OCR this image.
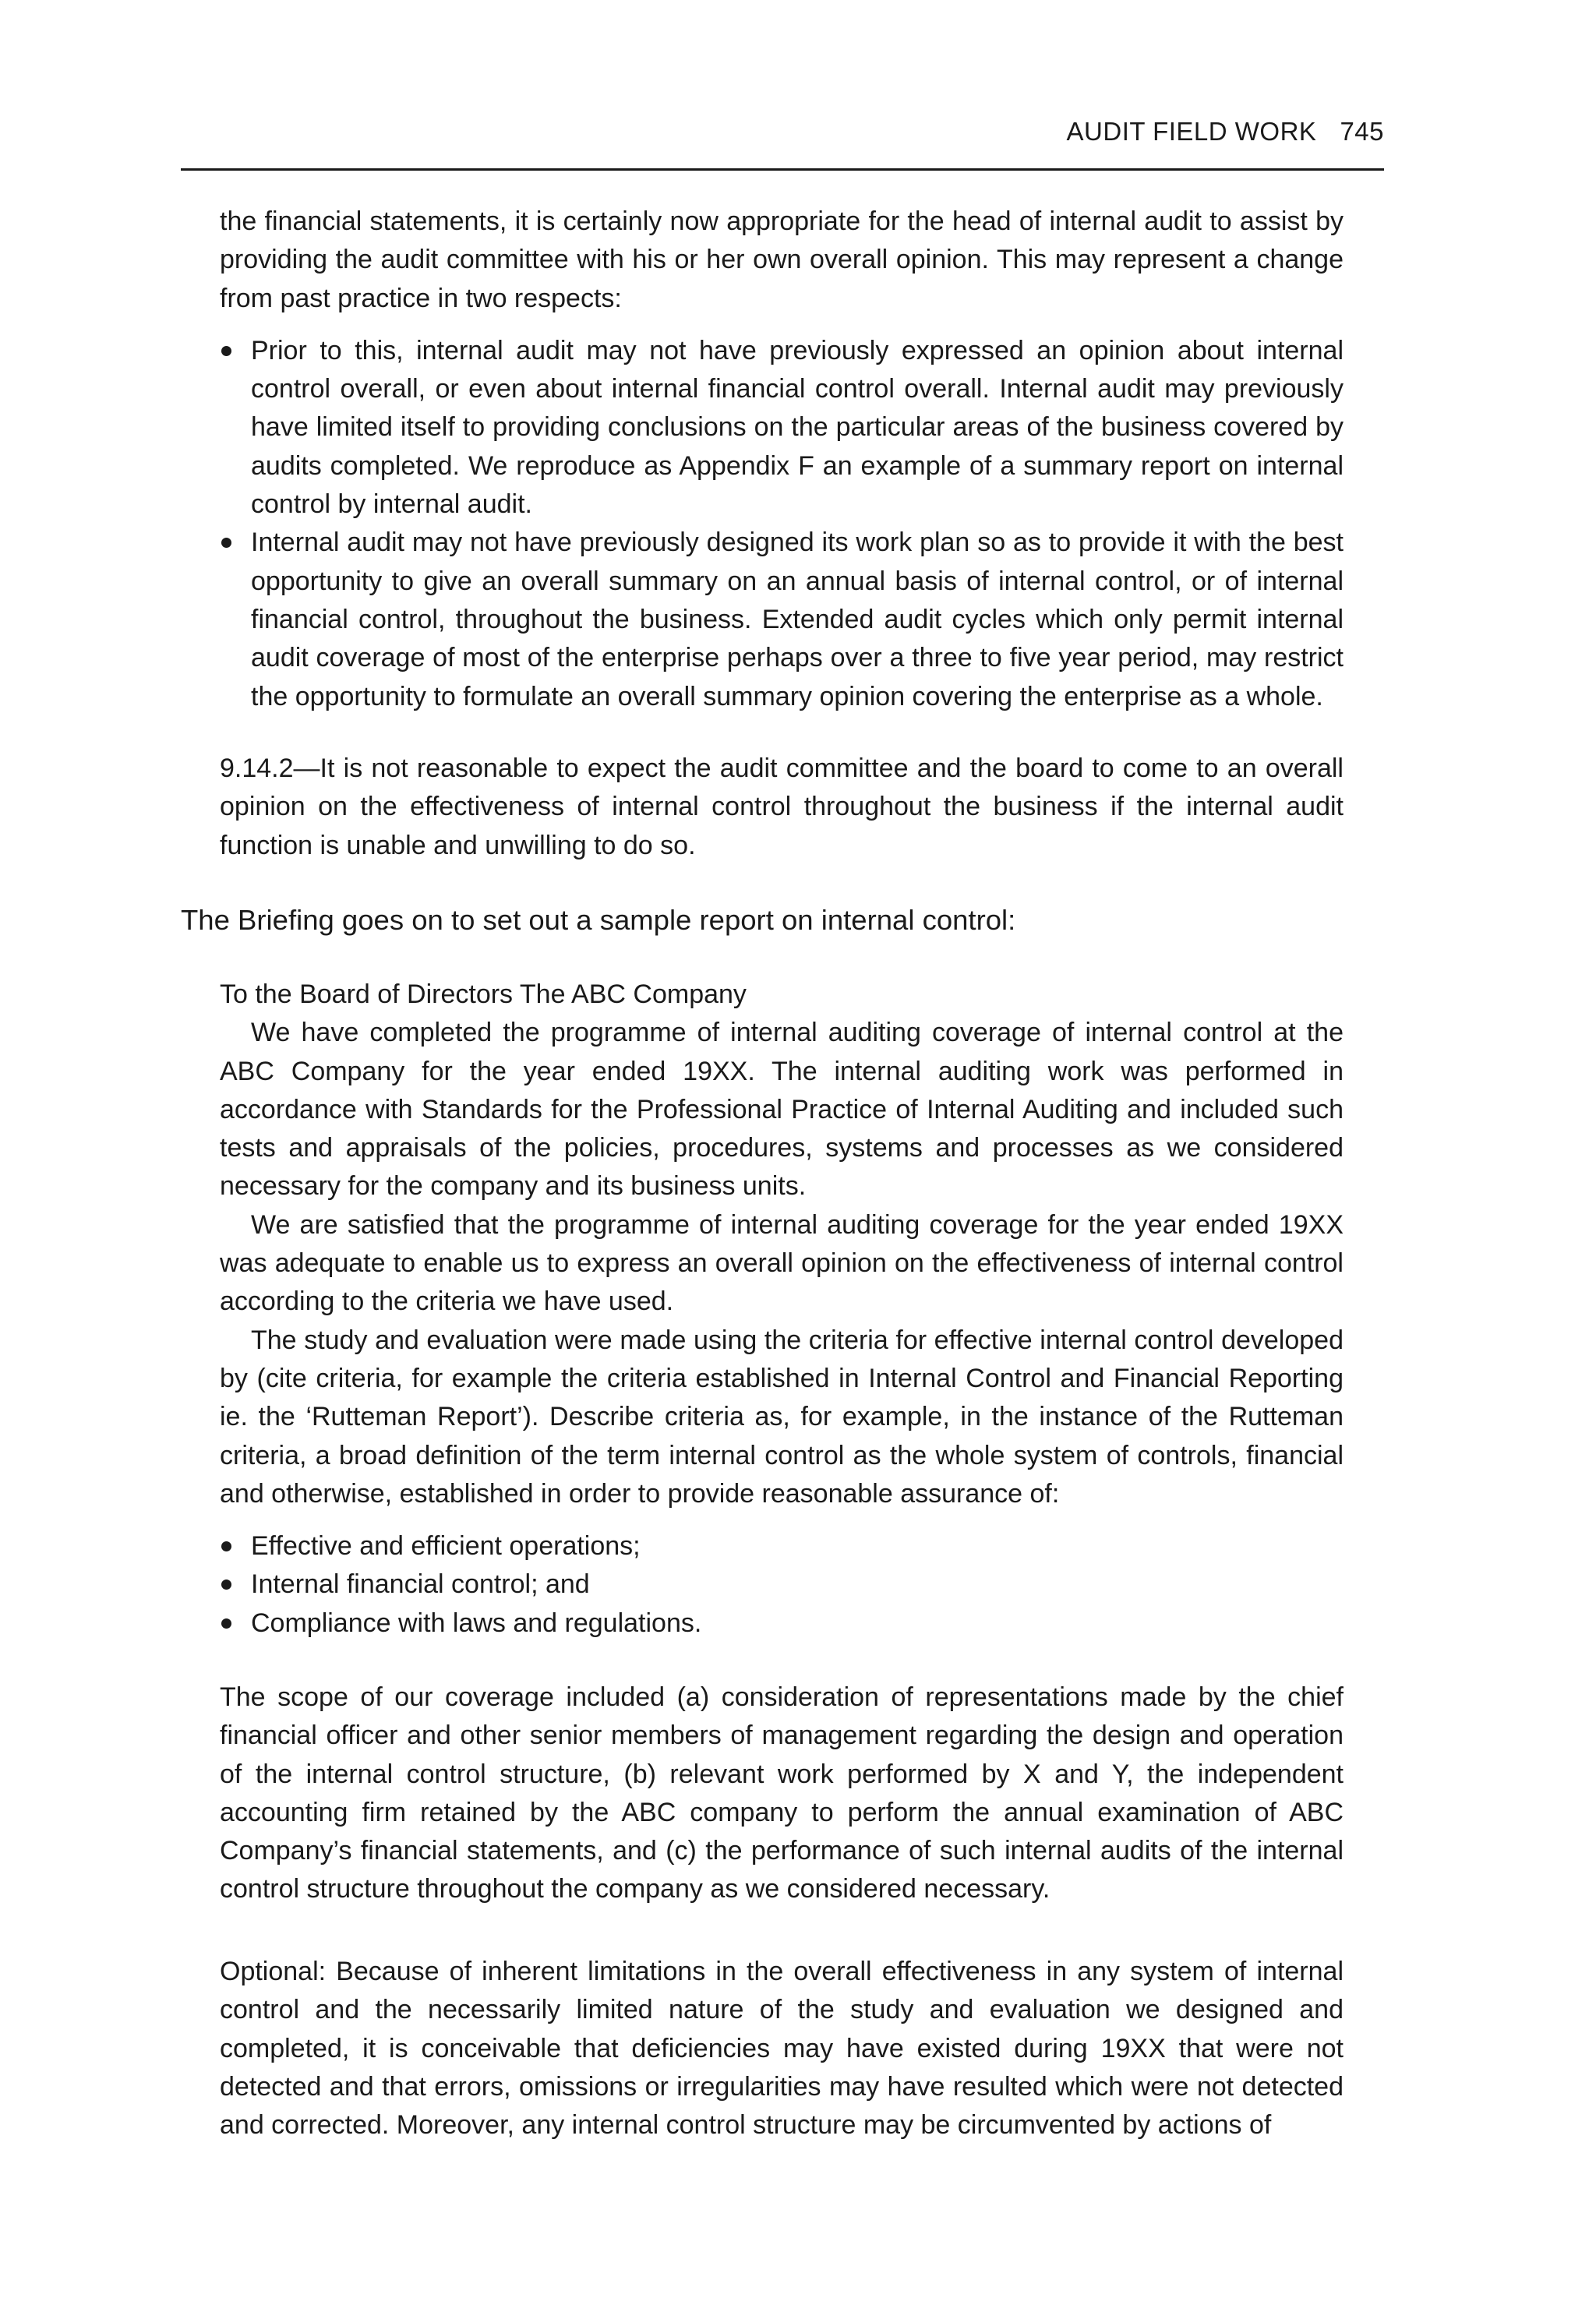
AUDIT FIELD WORK 745

the financial statements, it is certainly now appropriate for the head of internal audit to assist by providing the audit committee with his or her own overall opinion. This may represent a change from past practice in two respects:

Prior to this, internal audit may not have previously expressed an opinion about internal control overall, or even about internal financial control overall. Internal audit may previously have limited itself to providing conclusions on the particular areas of the business covered by audits completed. We reproduce as Appendix F an example of a summary report on internal control by internal audit.
Internal audit may not have previously designed its work plan so as to provide it with the best opportunity to give an overall summary on an annual basis of internal control, or of internal financial control, throughout the business. Extended audit cycles which only permit internal audit coverage of most of the enterprise perhaps over a three to five year period, may restrict the opportunity to formulate an overall summary opinion covering the enterprise as a whole.

9.14.2—It is not reasonable to expect the audit committee and the board to come to an overall opinion on the effectiveness of internal control throughout the business if the internal audit function is unable and unwilling to do so.

The Briefing goes on to set out a sample report on internal control:

To the Board of Directors The ABC Company

We have completed the programme of internal auditing coverage of internal control at the ABC Company for the year ended 19XX. The internal auditing work was performed in accordance with Standards for the Professional Practice of Internal Auditing and included such tests and appraisals of the policies, procedures, systems and processes as we considered necessary for the company and its business units.

We are satisfied that the programme of internal auditing coverage for the year ended 19XX was adequate to enable us to express an overall opinion on the effectiveness of internal control according to the criteria we have used.

The study and evaluation were made using the criteria for effective internal control developed by (cite criteria, for example the criteria established in Internal Control and Financial Reporting ie. the ‘Rutteman Report’). Describe criteria as, for example, in the instance of the Rutteman criteria, a broad definition of the term internal control as the whole system of controls, financial and otherwise, established in order to provide reasonable assurance of:

Effective and efficient operations;
Internal financial control; and
Compliance with laws and regulations.

The scope of our coverage included (a) consideration of representations made by the chief financial officer and other senior members of management regarding the design and operation of the internal control structure, (b) relevant work performed by X and Y, the independent accounting firm retained by the ABC company to perform the annual examination of ABC Company’s financial statements, and (c) the performance of such internal audits of the internal control structure throughout the company as we considered necessary.

Optional: Because of inherent limitations in the overall effectiveness in any system of internal control and the necessarily limited nature of the study and evaluation we designed and completed, it is conceivable that deficiencies may have existed during 19XX that were not detected and that errors, omissions or irregularities may have resulted which were not detected and corrected. Moreover, any internal control structure may be circumvented by actions of
